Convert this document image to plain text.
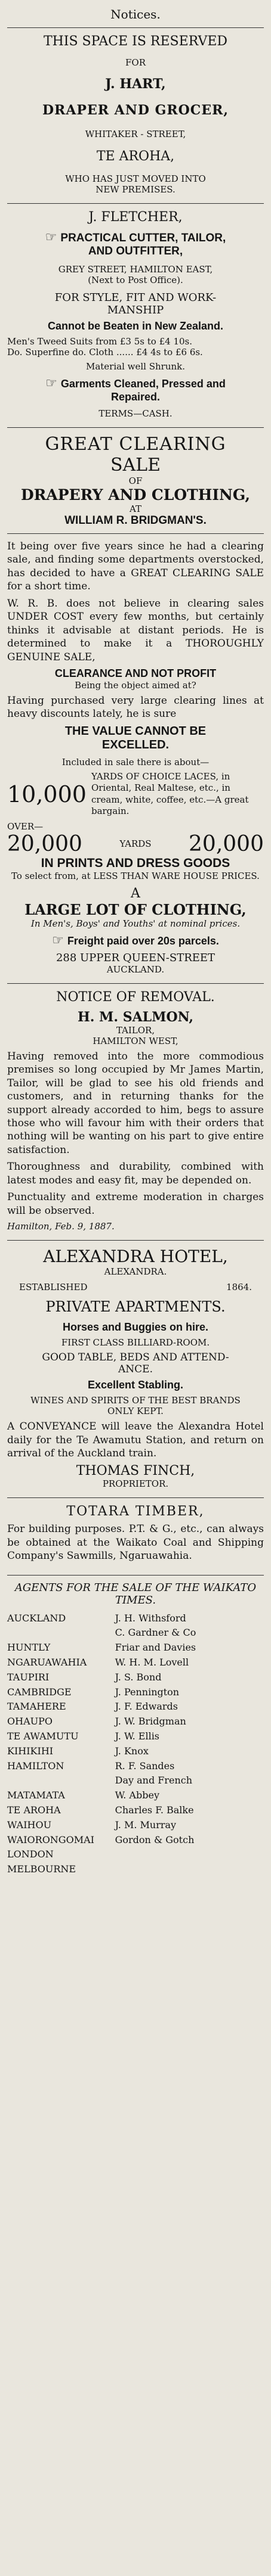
Notices.
THIS SPACE IS RESERVED
FOR
J. HART,
DRAPER AND GROCER,
WHITAKER - STREET,
TE AROHA,
WHO HAS JUST MOVED INTO
NEW PREMISES.
J. FLETCHER,
☞ PRACTICAL CUTTER, TAILOR,
AND OUTFITTER,
GREY STREET, HAMILTON EAST,
(Next to Post Office).
FOR STYLE, FIT AND WORK-
MANSHIP
Cannot be Beaten in New Zealand.
Men's Tweed Suits from £3 5s to £4 10s.
Do. Superfine do. Cloth ...... £4 4s to £6 6s.
Material well Shrunk.
☞ Garments Cleaned, Pressed and
Repaired.
TERMS—CASH.
GREAT CLEARING
SALE
OF
DRAPERY AND CLOTHING,
AT
WILLIAM R. BRIDGMAN'S.

It being over five years since he had a clearing sale, and finding some departments overstocked, has decided to have a GREAT CLEARING SALE for a short time.

W. R. B. does not believe in clearing sales UNDER COST every few months, but certainly thinks it advisable at distant periods. He is determined to make it a THOROUGHLY GENUINE SALE,

CLEARANCE AND NOT PROFIT
Being the object aimed at?

Having purchased very large clearing lines at heavy discounts lately, he is sure

THE VALUE CANNOT BE
EXCELLED.
Included in sale there is about—
10,000
YARDS OF CHOICE LACES, in Oriental, Real Maltese, etc., in cream, white, coffee, etc.—A great bargain.
OVER—
20,000	YARDS 20,000
IN PRINTS AND DRESS GOODS
To select from, at LESS THAN WARE HOUSE PRICES.
A
LARGE LOT OF CLOTHING,
In Men's, Boys' and Youths' at nominal prices.
☞ Freight paid over 20s parcels.
288 UPPER QUEEN-STREET
AUCKLAND.
NOTICE OF REMOVAL.
H. M. SALMON,
TAILOR,
HAMILTON WEST,

Having removed into the more commodious premises so long occupied by Mr James Martin, Tailor, will be glad to see his old friends and customers, and in returning thanks for the support already accorded to him, begs to assure those who will favour him with their orders that nothing will be wanting on his part to give entire satisfaction.

Thoroughness and durability, combined with latest modes and easy fit, may be depended on.

Punctuality and extreme moderation in charges will be observed.

Hamilton, Feb. 9, 1887.
ALEXANDRA HOTEL,
ALEXANDRA.
ESTABLISHED	1864.
PRIVATE APARTMENTS.
Horses and Buggies on hire.
FIRST CLASS BILLIARD-ROOM.
GOOD TABLE, BEDS AND ATTEND-
ANCE.
Excellent Stabling.
WINES AND SPIRITS OF THE BEST BRANDS
ONLY KEPT.

A CONVEYANCE will leave the Alexandra Hotel daily for the Te Awamutu Station, and return on arrival of the Auckland train.

THOMAS FINCH,
PROPRIETOR.
TOTARA TIMBER,

For building purposes. P.T. & G., etc., can always be obtained at the Waikato Coal and Shipping Company's Sawmills, Ngaruawahia.

AGENTS FOR THE SALE OF THE WAIKATO TIMES.
AUCKLAND	J. H. Withsford
C. Gardner & Co
HUNTLY	Friar and Davies
NGARUAWAHIA	W. H. M. Lovell
TAUPIRI	J. S. Bond
CAMBRIDGE	J. Pennington
TAMAHERE	J. F. Edwards
OHAUPO	J. W. Bridgman
TE AWAMUTU	J. W. Ellis
KIHIKIHI	J. Knox
HAMILTON	R. F. Sandes
Day and French
MATAMATA	W. Abbey
TE AROHA	Charles F. Balke
WAIHOU	J. M. Murray
WAIORONGOMAI Gordon & Gotch
LONDON
MELBOURNE
